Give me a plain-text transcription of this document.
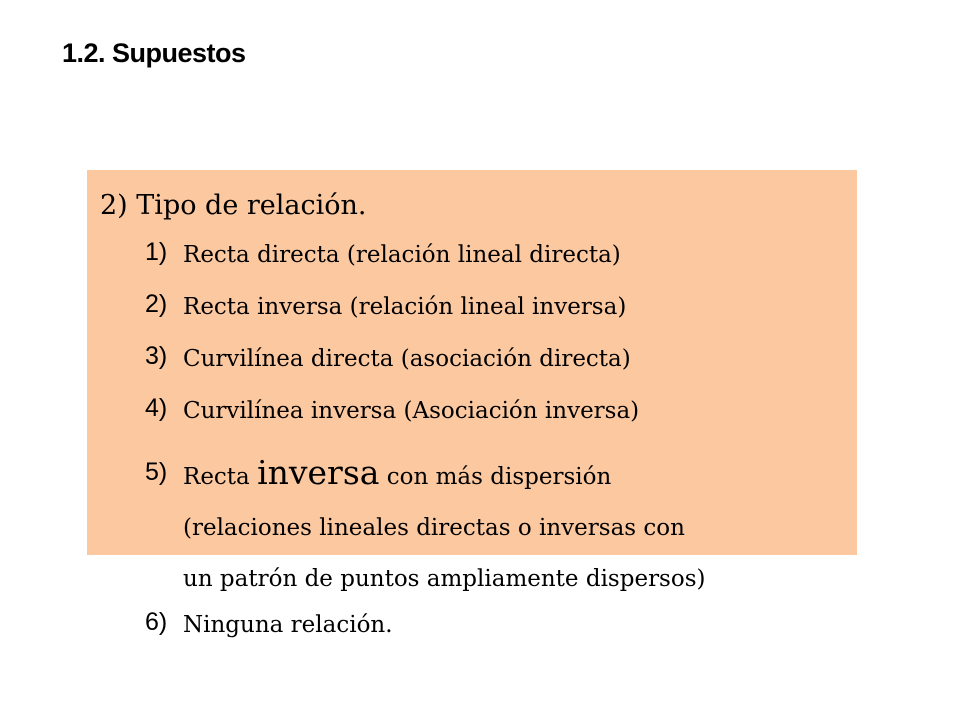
1.2. Supuestos
2) Tipo de relación.
1) Recta directa (relación lineal directa)
2) Recta inversa (relación lineal inversa)
3) Curvilínea directa (asociación directa)
4) Curvilínea inversa (Asociación inversa)
5) Recta inversa con más dispersión
(relaciones lineales directas o inversas con
un patrón de puntos ampliamente dispersos)
6) Ninguna relación.
